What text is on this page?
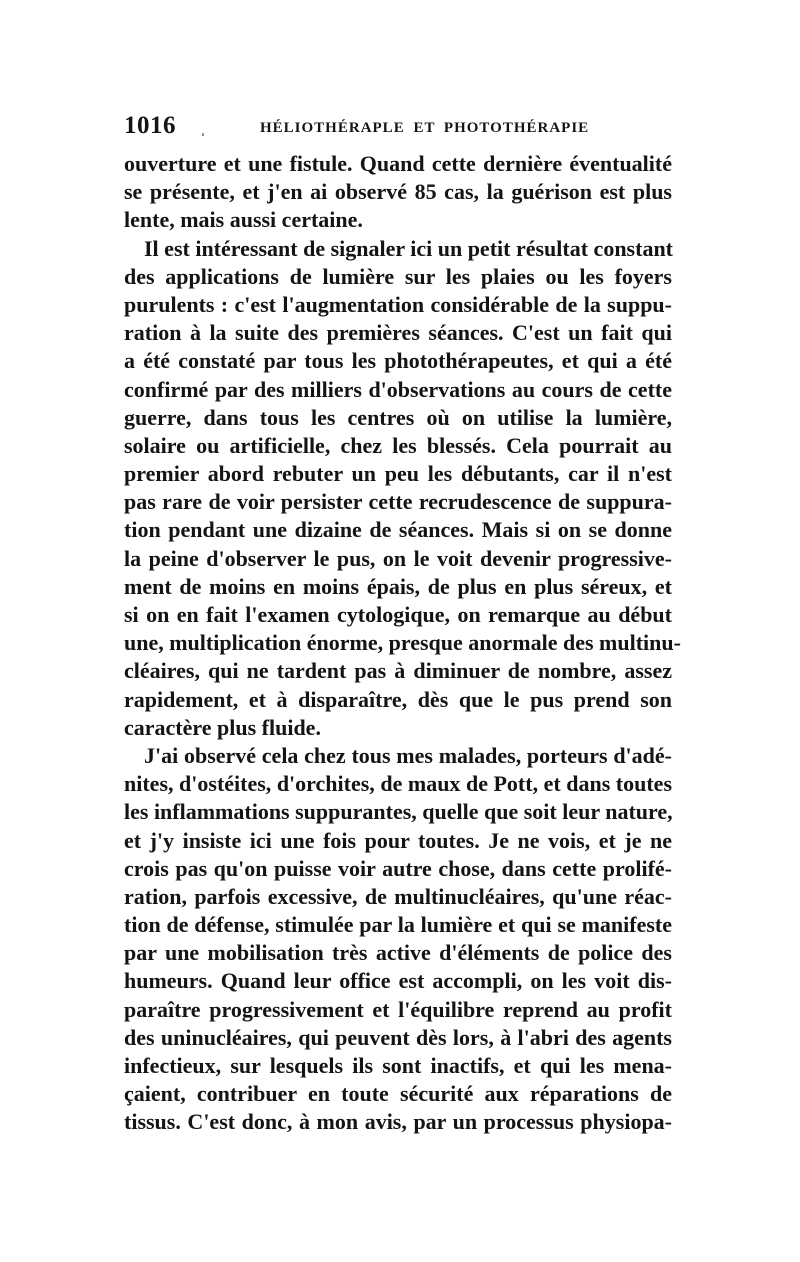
1016 ˌ	HÉLIOTHÉRAPLE ET PHOTOTHÉRAPIE
ouverture et une fistule. Quand cette dernière éventualité
se présente, et j'en ai observé 85 cas, la guérison est plus
lente, mais aussi certaine.
Il est intéressant de signaler ici un petit résultat constant
des applications de lumière sur les plaies ou les foyers
purulents : c'est l'augmentation considérable de la suppu-
ration à la suite des premières séances. C'est un fait qui
a été constaté par tous les photothérapeutes, et qui a été
confirmé par des milliers d'observations au cours de cette
guerre, dans tous les centres où on utilise la lumière,
solaire ou artificielle, chez les blessés. Cela pourrait au
premier abord rebuter un peu les débutants, car il n'est
pas rare de voir persister cette recrudescence de suppura-
tion pendant une dizaine de séances. Mais si on se donne
la peine d'observer le pus, on le voit devenir progressive-
ment de moins en moins épais, de plus en plus séreux, et
si on en fait l'examen cytologique, on remarque au début
une, multiplication énorme, presque anormale des multinu-
cléaires, qui ne tardent pas à diminuer de nombre, assez
rapidement, et à disparaître, dès que le pus prend son
caractère plus fluide.
J'ai observé cela chez tous mes malades, porteurs d'adé-
nites, d'ostéites, d'orchites, de maux de Pott, et dans toutes
les inflammations suppurantes, quelle que soit leur nature,
et j'y insiste ici une fois pour toutes. Je ne vois, et je ne
crois pas qu'on puisse voir autre chose, dans cette prolifé-
ration, parfois excessive, de multinucléaires, qu'une réac-
tion de défense, stimulée par la lumière et qui se manifeste
par une mobilisation très active d'éléments de police des
humeurs. Quand leur office est accompli, on les voit dis-
paraître progressivement et l'équilibre reprend au profit
des uninucléaires, qui peuvent dès lors, à l'abri des agents
infectieux, sur lesquels ils sont inactifs, et qui les mena-
çaient, contribuer en toute sécurité aux réparations de
tissus. C'est donc, à mon avis, par un processus physiopa-
